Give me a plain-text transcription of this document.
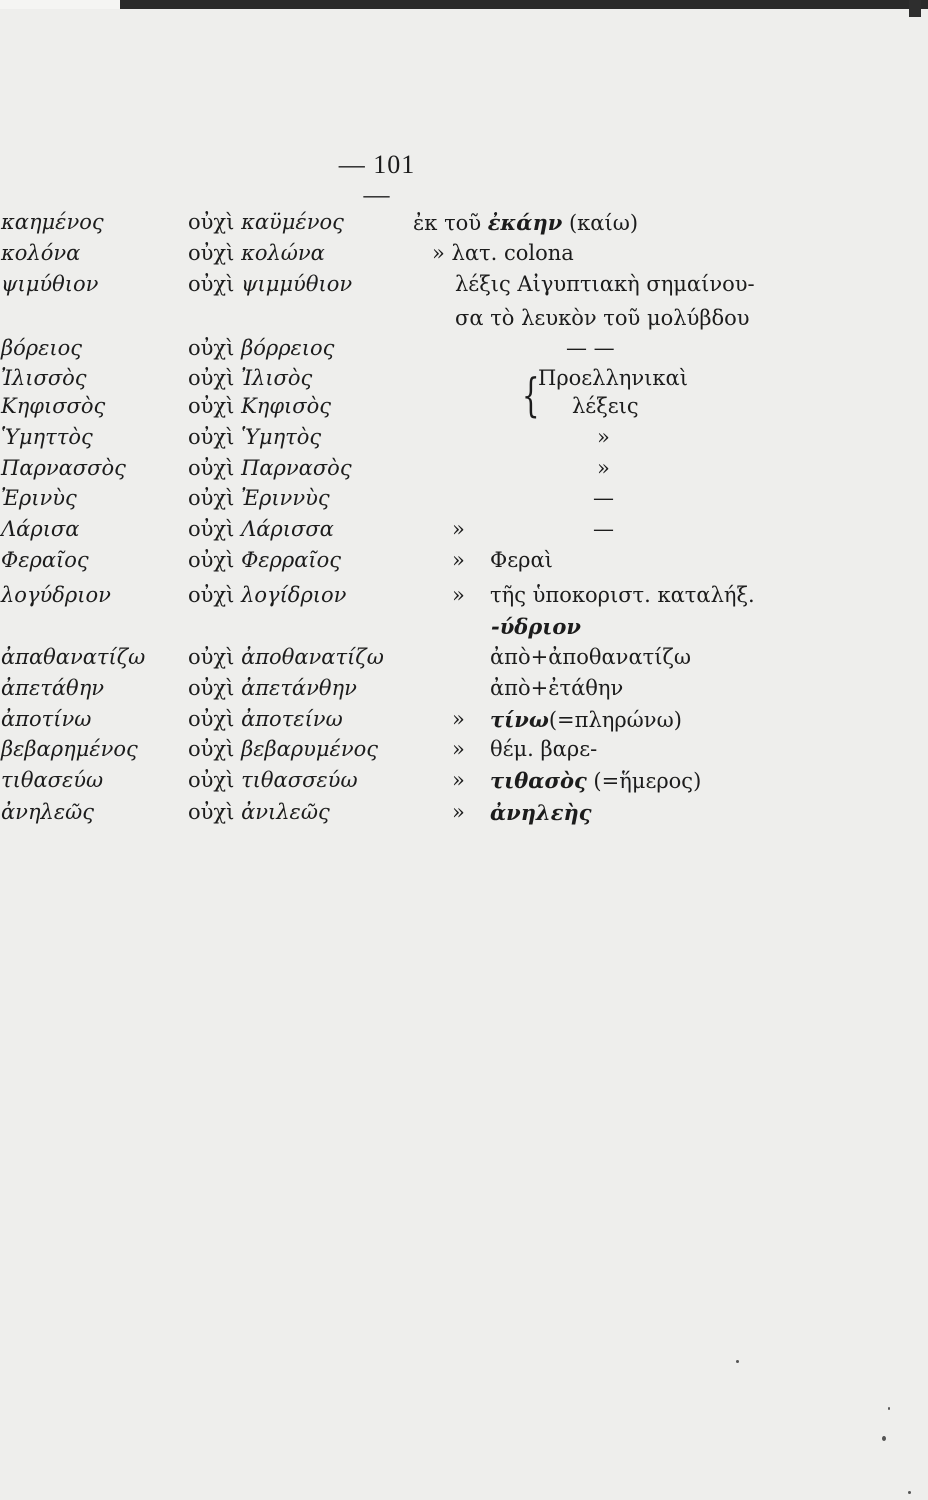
— 101 —
καημένος	οὐχὶ καϋμένος	ἐκ τοῦ ἐκάην (καίω)
κολόνα	οὐχὶ κολώνα	» λατ. colona
ψιμύθιον	οὐχὶ ψιμμύθιον	λέξις Αἰγυπτιακὴ σημαίνου-
σα τὸ λευκὸν τοῦ μολύβδου
βόρειος	οὐχὶ βόρρειος	— —
Ἰλισσὸς	οὐχὶ Ἰλισὸς	Προελληνικαὶ
Κηφισσὸς	οὐχὶ Κηφισὸς	λέξεις
Ὑμηττὸς	οὐχὶ Ὑμητὸς	»
Παρνασσὸς	οὐχὶ Παρνασὸς	»
Ἐρινὺς	οὐχὶ Ἐριννὺς	—
Λάρισα	οὐχὶ Λάρισσα	»	—
Φεραῖος	οὐχὶ Φερραῖος	» Φεραὶ
λογύδριον	οὐχὶ λογίδριον	» τῆς ὑποκοριστ. καταλήξ.
-ύδριον
ἀπαθανατίζω οὐχὶ ἀποθανατίζω	ἀπὸ+ἀποθανατίζω
ἀπετάθην	οὐχὶ ἀπετάνθην	ἀπὸ+ἐτάθην
ἀποτίνω	οὐχὶ ἀποτείνω	» τίνω(=πληρώνω)
βεβαρημένος οὐχὶ βεβαρυμένος	» θέμ. βαρε-
τιθασεύω	οὐχὶ τιθασσεύω	» τιθασὸς (=ἥμερος)
ἀνηλεῶς	οὐχὶ ἀνιλεῶς	» ἀνηλεὴς
{
